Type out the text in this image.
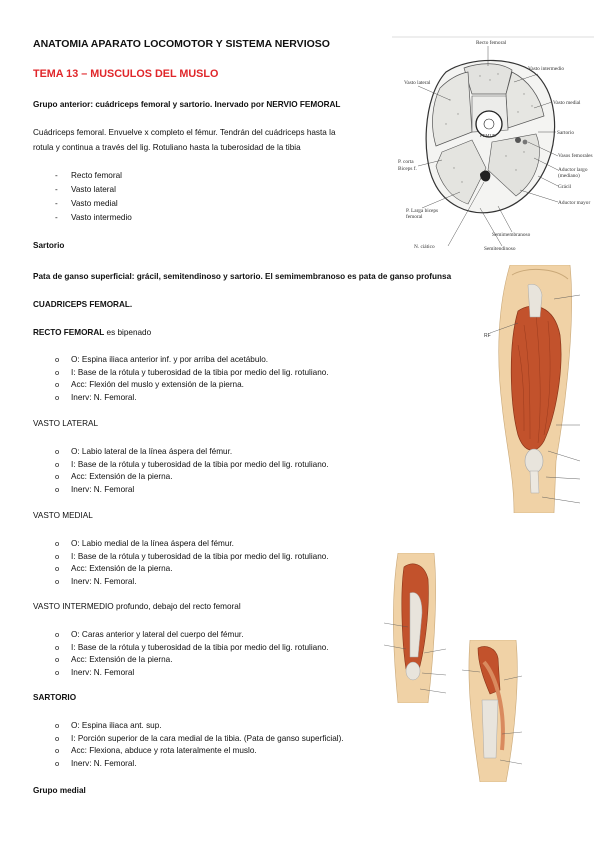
ANATOMIA APARATO LOCOMOTOR Y SISTEMA NERVIOSO
TEMA 13 – MUSCULOS DEL MUSLO
Grupo anterior: cuádriceps femoral y sartorio. Inervado por NERVIO FEMORAL
Cuádriceps femoral. Envuelve x completo el fémur. Tendrán del cuádriceps hasta la
rotula y continua a través del lig. Rotuliano hasta la tuberosidad de la tibia
- Recto femoral
- Vasto lateral
- Vasto medial
- Vasto intermedio
Sartorio
Pata de ganso superficial: grácil, semitendinoso y sartorio. El semimembranoso es pata de ganso profunsa
CUADRICEPS FEMORAL.
RECTO FEMORAL es bipenado
o O: Espina iliaca anterior inf. y por arriba del acetábulo.
o I: Base de la rótula y tuberosidad de la tibia por medio del lig. rotuliano.
o Acc: Flexión del muslo y extensión de la pierna.
o Inerv: N. Femoral.
VASTO LATERAL
o O: Labio lateral de la línea áspera del fémur.
o I: Base de la rótula y tuberosidad de la tibia por medio del lig. rotuliano.
o Acc: Extensión de la pierna.
o Inerv: N. Femoral
VASTO MEDIAL
o O: Labio medial de la línea áspera del fémur.
o I: Base de la rótula y tuberosidad de la tibia por medio del lig. rotuliano.
o Acc: Extensión de la pierna.
o Inerv: N. Femoral.
VASTO INTERMEDIO profundo, debajo del recto femoral
o O: Caras anterior y lateral del cuerpo del fémur.
o I: Base de la rótula y tuberosidad de la tibia por medio del lig. rotuliano.
o Acc: Extensión de la pierna.
o Inerv: N. Femoral
SARTORIO
o O: Espina iliaca ant. sup.
o I: Porción superior de la cara medial de la tibia. (Pata de ganso superficial).
o Acc: Flexiona, abduce y rota lateralmente el muslo.
o Inerv: N. Femoral.
Grupo medial
FEMUR
Recto femoral
Vasto intermedio
Vasto lateral
Vasto medial
Sartorio
Vasos femorales
P. corta
Biceps f.	Aductor largo
(mediano)
Grácil
Aductor mayor
P. Larga biceps
femoral
N. ciático
Semimembranoso
Semitendinoso
RF
